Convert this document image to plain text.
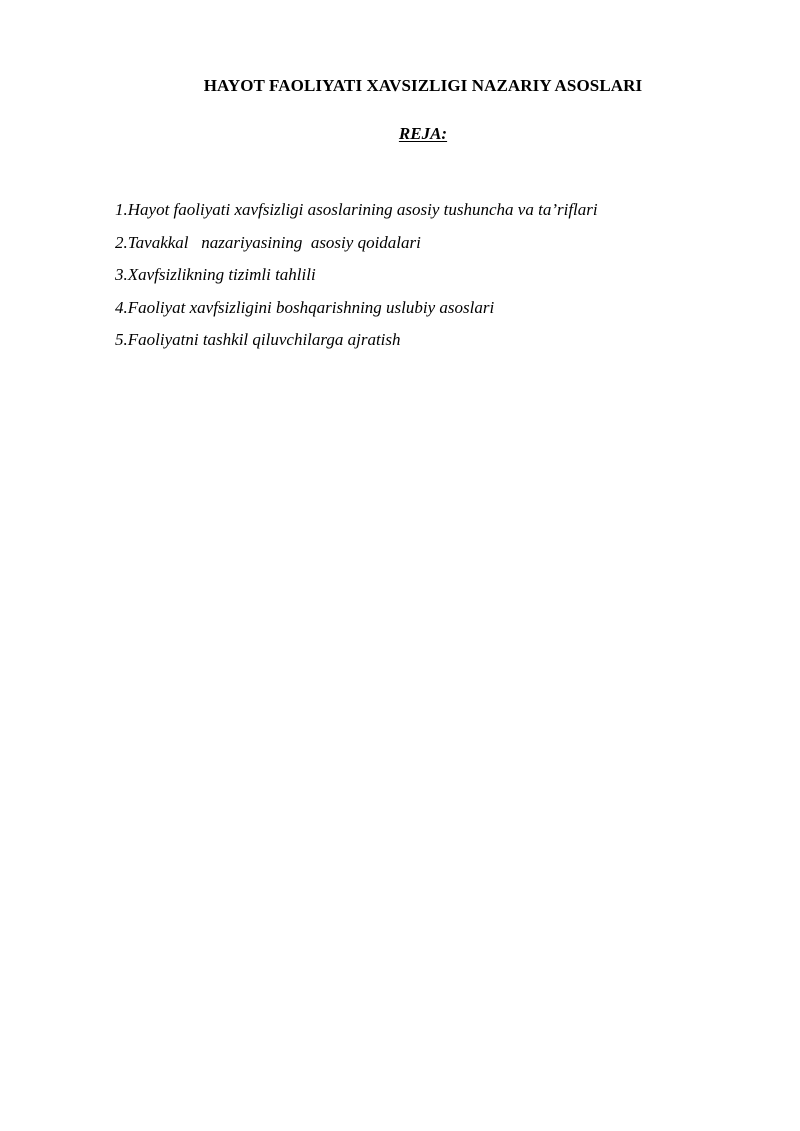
HAYOT FAOLIYATI XAVSIZLIGI NAZARIY ASOSLARI
REJA:
1.Hayot faoliyati xavfsizligi asoslarining asosiy tushuncha va ta’riflari
2.Tavakkal   nazariyasining  asosiy qoidalari
3.Xavfsizlikning tizimli tahlili
4.Faoliyat xavfsizligini boshqarishning uslubiy asoslari
5.Faoliyatni tashkil qiluvchilarga ajratish
